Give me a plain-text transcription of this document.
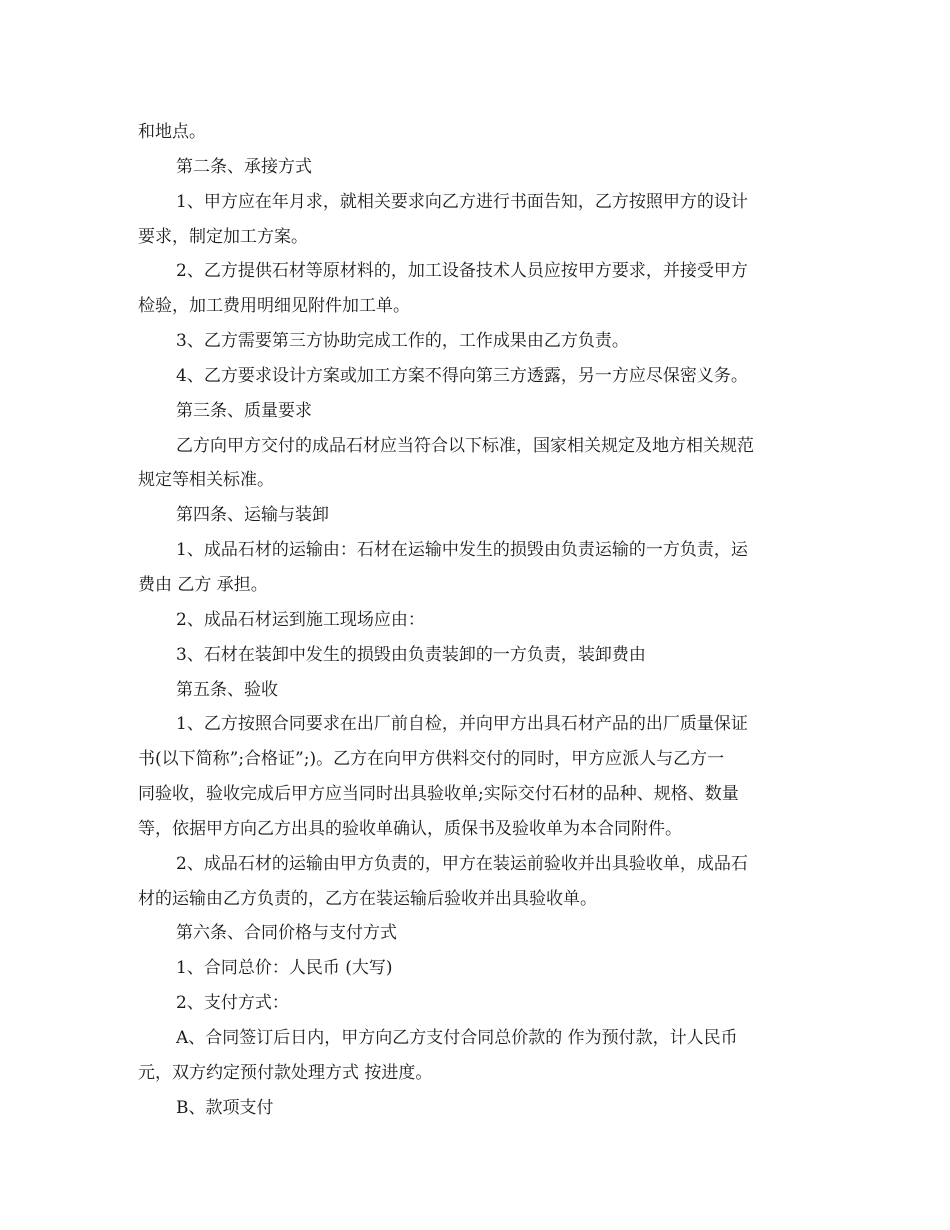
和地点。
第二条、承接方式
1、甲方应在年月求，就相关要求向乙方进行书面告知，乙方按照甲方的设计
要求，制定加工方案。
2、乙方提供石材等原材料的，加工设备技术人员应按甲方要求，并接受甲方
检验，加工费用明细见附件加工单。
3、乙方需要第三方协助完成工作的，工作成果由乙方负责。
4、乙方要求设计方案或加工方案不得向第三方透露，另一方应尽保密义务。
第三条、质量要求
乙方向甲方交付的成品石材应当符合以下标准，国家相关规定及地方相关规范
规定等相关标准。
第四条、运输与装卸
1、成品石材的运输由：石材在运输中发生的损毁由负责运输的一方负责，运
费由 乙方 承担。
2、成品石材运到施工现场应由：
3、石材在装卸中发生的损毁由负责装卸的一方负责，装卸费由
第五条、验收
1、乙方按照合同要求在出厂前自检，并向甲方出具石材产品的出厂质量保证
书(以下简称”;合格证”;)。乙方在向甲方供料交付的同时，甲方应派人与乙方一
同验收，验收完成后甲方应当同时出具验收单;实际交付石材的品种、规格、数量
等，依据甲方向乙方出具的验收单确认，质保书及验收单为本合同附件。
2、成品石材的运输由甲方负责的，甲方在装运前验收并出具验收单，成品石
材的运输由乙方负责的，乙方在装运输后验收并出具验收单。
第六条、合同价格与支付方式
1、合同总价：人民币 (大写)
2、支付方式：
A、合同签订后日内，甲方向乙方支付合同总价款的 作为预付款，计人民币
元，双方约定预付款处理方式 按进度。
B、款项支付
